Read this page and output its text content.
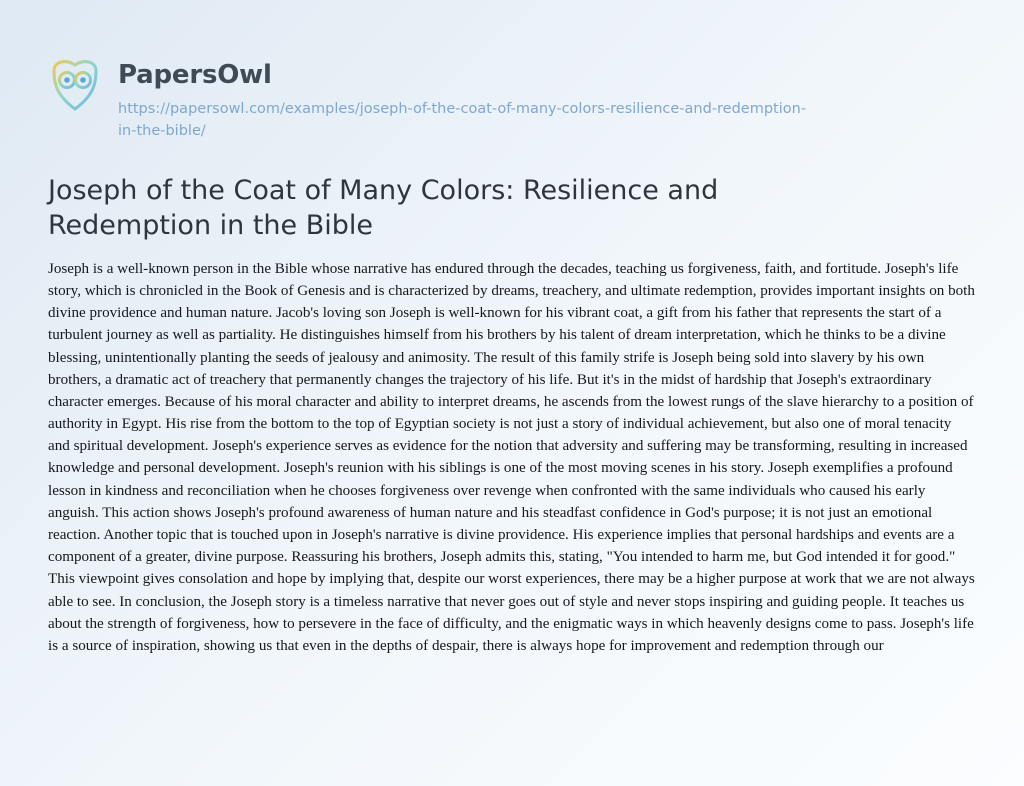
PapersOwl
https://papersowl.com/examples/joseph-of-the-coat-of-many-colors-resilience-and-redemption-in-the-bible/
Joseph of the Coat of Many Colors: Resilience and Redemption in the Bible
Joseph is a well-known person in the Bible whose narrative has endured through the decades, teaching us forgiveness, faith, and fortitude. Joseph's life story, which is chronicled in the Book of Genesis and is characterized by dreams, treachery, and ultimate redemption, provides important insights on both divine providence and human nature. Jacob's loving son Joseph is well-known for his vibrant coat, a gift from his father that represents the start of a turbulent journey as well as partiality. He distinguishes himself from his brothers by his talent of dream interpretation, which he thinks to be a divine blessing, unintentionally planting the seeds of jealousy and animosity. The result of this family strife is Joseph being sold into slavery by his own brothers, a dramatic act of treachery that permanently changes the trajectory of his life. But it's in the midst of hardship that Joseph's extraordinary character emerges. Because of his moral character and ability to interpret dreams, he ascends from the lowest rungs of the slave hierarchy to a position of authority in Egypt. His rise from the bottom to the top of Egyptian society is not just a story of individual achievement, but also one of moral tenacity and spiritual development. Joseph's experience serves as evidence for the notion that adversity and suffering may be transforming, resulting in increased knowledge and personal development. Joseph's reunion with his siblings is one of the most moving scenes in his story. Joseph exemplifies a profound lesson in kindness and reconciliation when he chooses forgiveness over revenge when confronted with the same individuals who caused his early anguish. This action shows Joseph's profound awareness of human nature and his steadfast confidence in God's purpose; it is not just an emotional reaction. Another topic that is touched upon in Joseph's narrative is divine providence. His experience implies that personal hardships and events are a component of a greater, divine purpose. Reassuring his brothers, Joseph admits this, stating, "You intended to harm me, but God intended it for good." This viewpoint gives consolation and hope by implying that, despite our worst experiences, there may be a higher purpose at work that we are not always able to see. In conclusion, the Joseph story is a timeless narrative that never goes out of style and never stops inspiring and guiding people. It teaches us about the strength of forgiveness, how to persevere in the face of difficulty, and the enigmatic ways in which heavenly designs come to pass. Joseph's life is a source of inspiration, showing us that even in the depths of despair, there is always hope for improvement and redemption through our
